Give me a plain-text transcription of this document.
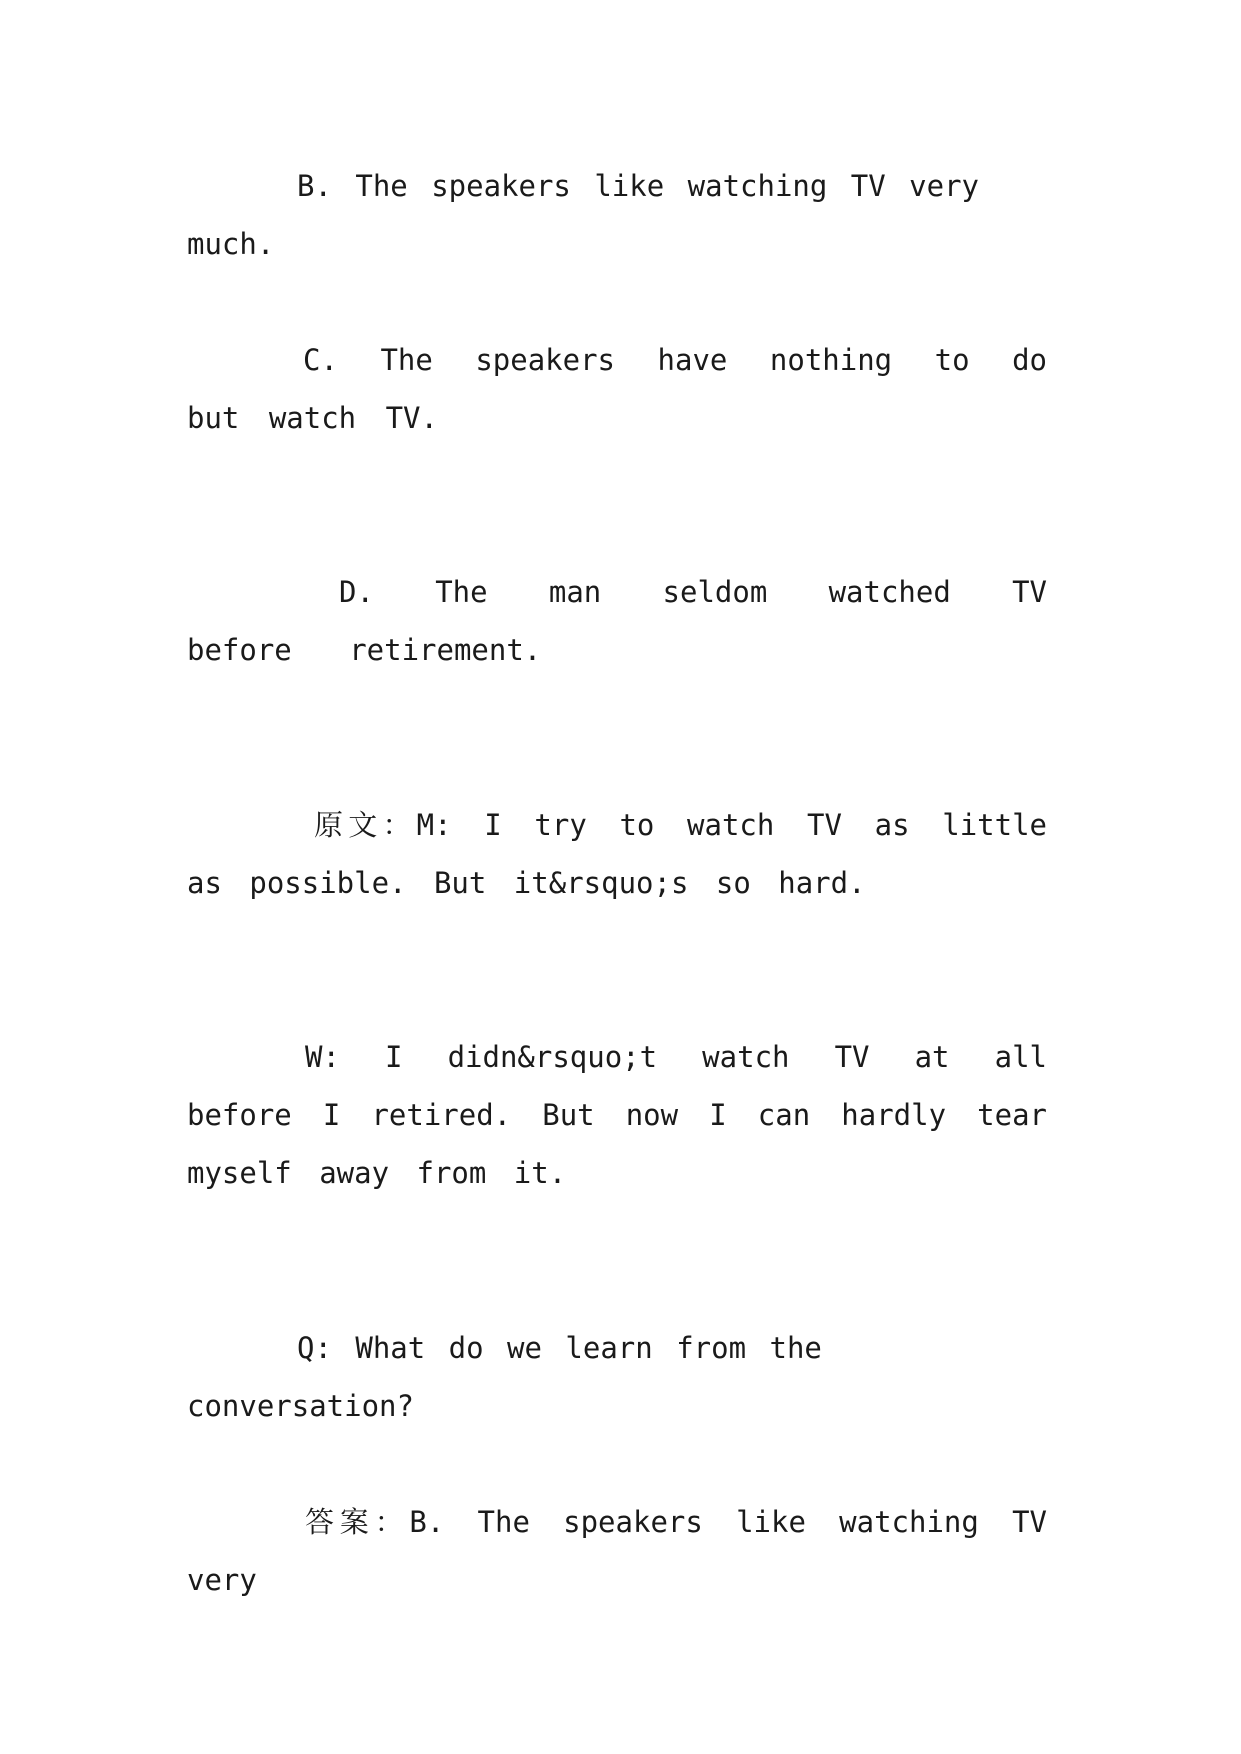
B. The speakers like watching TV very much.

C. The speakers have nothing to do but watch TV.

D. The man seldom watched TV before retirement.

原文：M: I try to watch TV as little as possible. But it&rsquo;s so hard.

W: I didn&rsquo;t watch TV at all before I retired. But now I can hardly tear myself away from it.

Q: What do we learn from the conversation?

答案：B. The speakers like watching TV very
